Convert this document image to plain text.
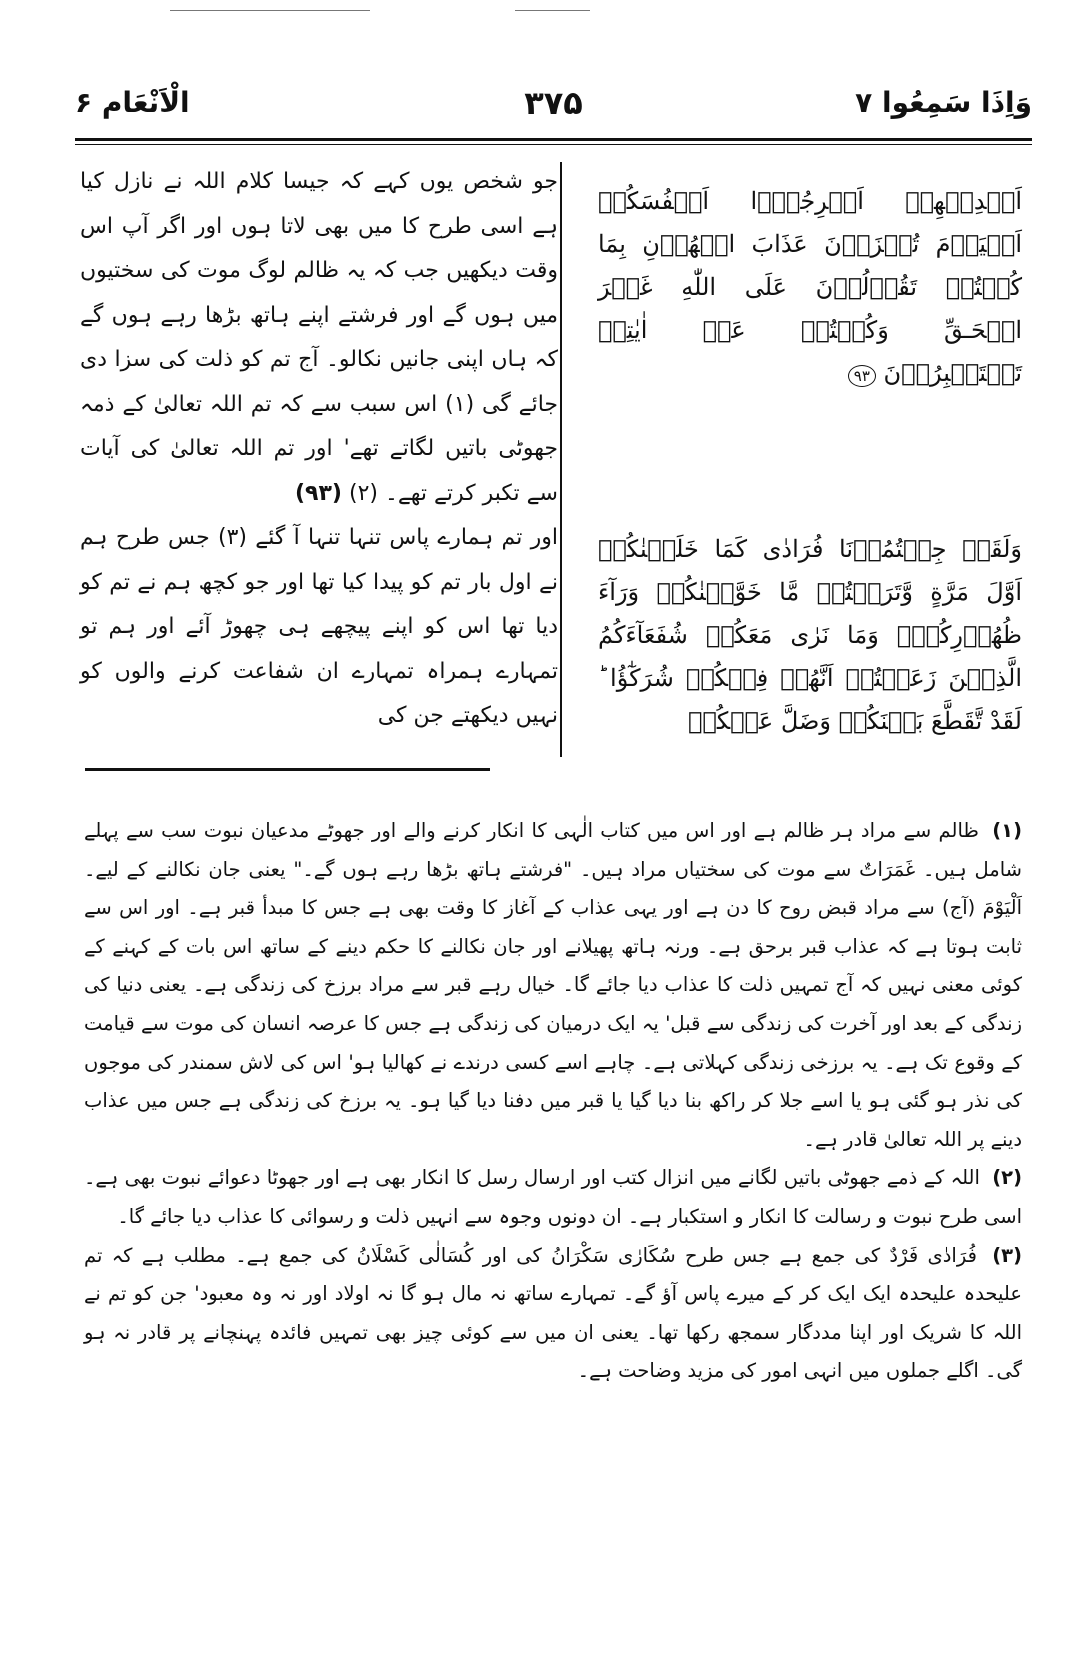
وَاِذَا سَمِعُوا ۷
۳۷۵
الْاَنْعَام ۶

جو شخص یوں کہے کہ جیسا کلام اللہ نے نازل کیا ہے اسی طرح کا میں بھی لاتا ہوں اور اگر آپ اس وقت دیکھیں جب کہ یہ ظالم لوگ موت کی سختیوں میں ہوں گے اور فرشتے اپنے ہاتھ بڑھا رہے ہوں گے کہ ہاں اپنی جانیں نکالو۔ آج تم کو ذلت کی سزا دی جائے گی (۱) اس سبب سے کہ تم اللہ تعالیٰ کے ذمہ جھوٹی باتیں لگاتے تھے' اور تم اللہ تعالیٰ کی آیات سے تکبر کرتے تھے۔ (۲) (۹۳)

اور تم ہمارے پاس تنہا تنہا آ گئے (۳) جس طرح ہم نے اول بار تم کو پیدا کیا تھا اور جو کچھ ہم نے تم کو دیا تھا اس کو اپنے پیچھے ہی چھوڑ آئے اور ہم تو تمہارے ہمراہ تمہارے ان شفاعت کرنے والوں کو نہیں دیکھتے جن کی

اَيۡدِيۡهِمۡ اَخۡرِجُوۡۤا اَنۡفُسَكُمۡ اَلۡيَوۡمَ تُجۡزَوۡنَ عَذَابَ الۡهُوۡنِ بِمَا كُنۡتُمۡ تَقُوۡلُوۡنَ عَلَى اللّٰهِ غَيۡرَ الۡحَـقِّ وَكُنۡتُمۡ عَنۡ اٰيٰتِهٖ تَسۡتَكۡبِرُوۡنَ ۹۳
وَلَقَدۡ جِئۡتُمُوۡنَا فُرَادٰى كَمَا خَلَقۡنٰكُمۡ اَوَّلَ مَرَّةٍ وَّتَرَكۡتُمۡ مَّا خَوَّلۡنٰكُمۡ وَرَآءَ ظُهُوۡرِكُمۡ‌ۚ وَمَا نَرٰى مَعَكُمۡ شُفَعَآءَكُمُ الَّذِيۡنَ زَعَمۡتُمۡ اَنَّهُمۡ فِيۡكُمۡ شُرَكٰٓؤُا‌ ؕ لَقَدْ تَّقَطَّعَ بَيۡنَكُمۡ وَضَلَّ عَنۡكُمۡ

(۱) ظالم سے مراد ہر ظالم ہے اور اس میں کتاب الٰہی کا انکار کرنے والے اور جھوٹے مدعیان نبوت سب سے پہلے شامل ہیں۔ غَمَرَاتٌ سے موت کی سختیاں مراد ہیں۔ "فرشتے ہاتھ بڑھا رہے ہوں گے۔" یعنی جان نکالنے کے لیے۔ اَلْيَوْمَ (آج) سے مراد قبض روح کا دن ہے اور یہی عذاب کے آغاز کا وقت بھی ہے جس کا مبدأ قبر ہے۔ اور اس سے ثابت ہوتا ہے کہ عذاب قبر برحق ہے۔ ورنہ ہاتھ پھیلانے اور جان نکالنے کا حکم دینے کے ساتھ اس بات کے کہنے کے کوئی معنی نہیں کہ آج تمہیں ذلت کا عذاب دیا جائے گا۔ خیال رہے قبر سے مراد برزخ کی زندگی ہے۔ یعنی دنیا کی زندگی کے بعد اور آخرت کی زندگی سے قبل' یہ ایک درمیان کی زندگی ہے جس کا عرصہ انسان کی موت سے قیامت کے وقوع تک ہے۔ یہ برزخی زندگی کہلاتی ہے۔ چاہے اسے کسی درندے نے کھالیا ہو' اس کی لاش سمندر کی موجوں کی نذر ہو گئی ہو یا اسے جلا کر راکھ بنا دیا گیا یا قبر میں دفنا دیا گیا ہو۔ یہ برزخ کی زندگی ہے جس میں عذاب دینے پر اللہ تعالیٰ قادر ہے۔

(۲) اللہ کے ذمے جھوٹی باتیں لگانے میں انزال کتب اور ارسال رسل کا انکار بھی ہے اور جھوٹا دعوائے نبوت بھی ہے۔ اسی طرح نبوت و رسالت کا انکار و استکبار ہے۔ ان دونوں وجوہ سے انہیں ذلت و رسوائی کا عذاب دیا جائے گا۔

(۳) فُرَادٰی فَرْدٌ کی جمع ہے جس طرح سُكَارٰی سَكْرَانُ کی اور كُسَالٰی كَسْلَانُ کی جمع ہے۔ مطلب ہے کہ تم علیحدہ علیحدہ ایک ایک کر کے میرے پاس آؤ گے۔ تمہارے ساتھ نہ مال ہو گا نہ اولاد اور نہ وہ معبود' جن کو تم نے اللہ کا شریک اور اپنا مددگار سمجھ رکھا تھا۔ یعنی ان میں سے کوئی چیز بھی تمہیں فائدہ پہنچانے پر قادر نہ ہو گی۔ اگلے جملوں میں انہی امور کی مزید وضاحت ہے۔
